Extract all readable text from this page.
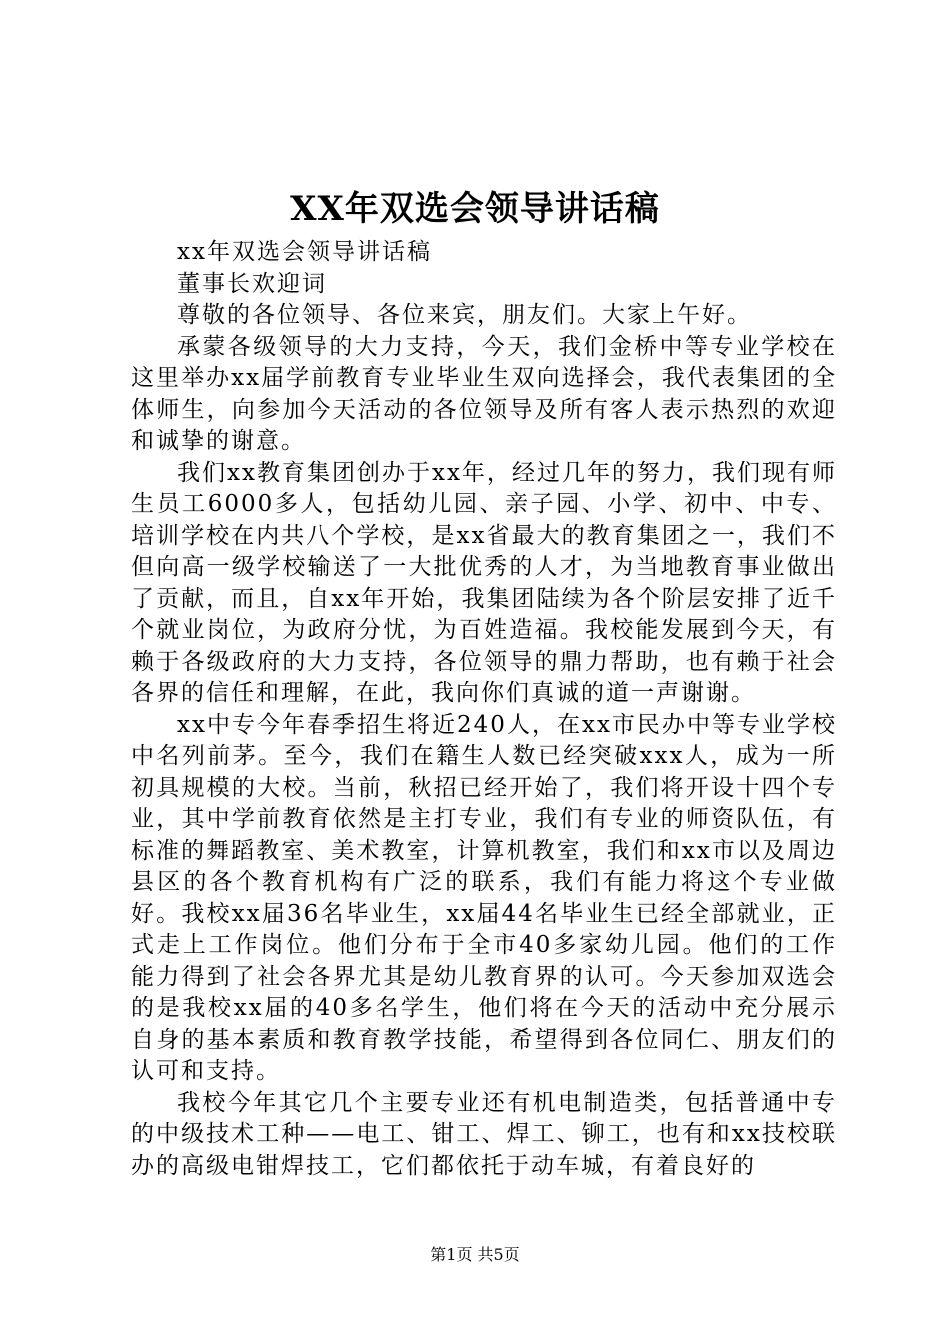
XX年双选会领导讲话稿

xx年双选会领导讲话稿

董事长欢迎词

尊敬的各位领导、各位来宾，朋友们。大家上午好。

承蒙各级领导的大力支持，今天，我们金桥中等专业学校在这里举办xx届学前教育专业毕业生双向选择会，我代表集团的全体师生，向参加今天活动的各位领导及所有客人表示热烈的欢迎和诚挚的谢意。

我们xx教育集团创办于xx年，经过几年的努力，我们现有师生员工6000多人，包括幼儿园、亲子园、小学、初中、中专、培训学校在内共八个学校，是xx省最大的教育集团之一，我们不但向高一级学校输送了一大批优秀的人才，为当地教育事业做出了贡献，而且，自xx年开始，我集团陆续为各个阶层安排了近千个就业岗位，为政府分忧，为百姓造福。我校能发展到今天，有赖于各级政府的大力支持，各位领导的鼎力帮助，也有赖于社会各界的信任和理解，在此，我向你们真诚的道一声谢谢。

xx中专今年春季招生将近240人，在xx市民办中等专业学校中名列前茅。至今，我们在籍生人数已经突破xxx人，成为一所初具规模的大校。当前，秋招已经开始了，我们将开设十四个专业，其中学前教育依然是主打专业，我们有专业的师资队伍，有标准的舞蹈教室、美术教室，计算机教室，我们和xx市以及周边县区的各个教育机构有广泛的联系，我们有能力将这个专业做好。我校xx届36名毕业生，xx届44名毕业生已经全部就业，正式走上工作岗位。他们分布于全市40多家幼儿园。他们的工作能力得到了社会各界尤其是幼儿教育界的认可。今天参加双选会的是我校xx届的40多名学生，他们将在今天的活动中充分展示自身的基本素质和教育教学技能，希望得到各位同仁、朋友们的认可和支持。

我校今年其它几个主要专业还有机电制造类，包括普通中专的中级技术工种——电工、钳工、焊工、铆工，也有和xx技校联办的高级电钳焊技工，它们都依托于动车城，有着良好的

第1页 共5页
